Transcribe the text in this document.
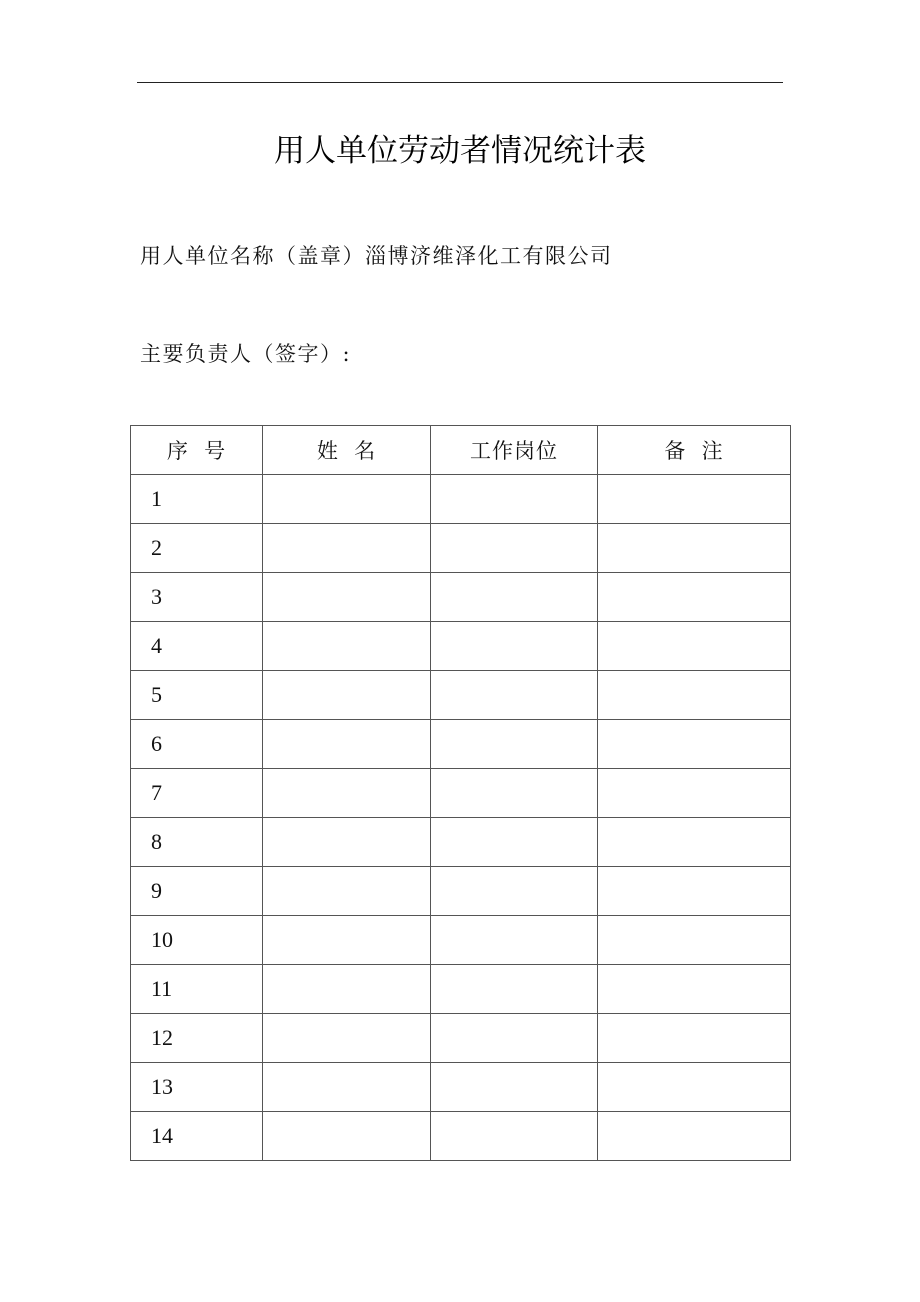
用人单位劳动者情况统计表
用人单位名称（盖章）淄博济维泽化工有限公司
主要负责人（签字）:
序  号	姓  名	工作岗位	备  注
1			
2			
3			
4			
5			
6			
7			
8			
9			
10			
11			
12			
13			
14			
